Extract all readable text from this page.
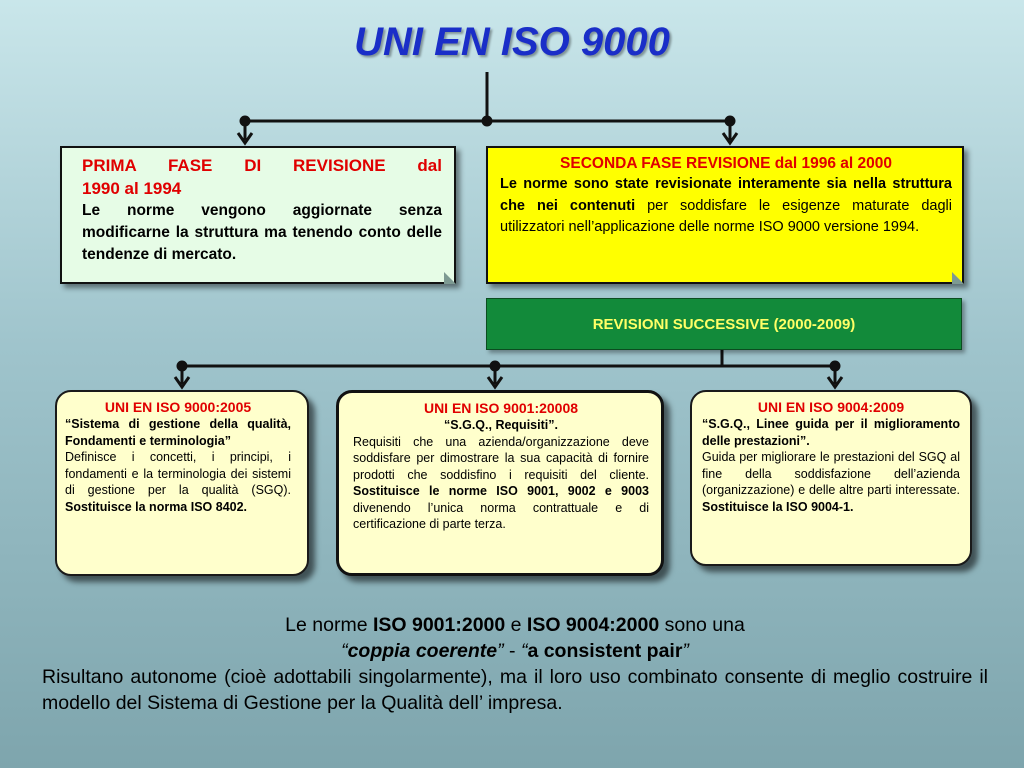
UNI EN ISO 9000
PRIMA FASE DI REVISIONE dal
1990 al 1994
Le norme vengono aggiornate senza modificarne la struttura ma tenendo conto delle tendenze di mercato.
SECONDA FASE REVISIONE dal 1996 al 2000
Le norme sono state revisionate interamente sia nella struttura che nei contenuti per soddisfare le esigenze maturate dagli utilizzatori nell’applicazione delle norme ISO 9000 versione 1994.
REVISIONI SUCCESSIVE (2000-2009)
UNI EN ISO 9000:2005
“Sistema di gestione della qualità, Fondamenti e terminologia”
Definisce i concetti, i principi, i fondamenti e la terminologia dei sistemi di gestione per la qualità (SGQ). Sostituisce la norma ISO 8402.
UNI EN ISO 9001:20008
“S.G.Q., Requisiti”.
Requisiti che una azienda/organizzazione deve soddisfare per dimostrare la sua capacità di fornire prodotti che soddisfino i requisiti del cliente. Sostituisce le norme ISO 9001, 9002 e 9003 divenendo l’unica norma contrattuale e di certificazione di parte terza.
UNI EN ISO 9004:2009
“S.G.Q., Linee guida per il miglioramento delle prestazioni”.
Guida per migliorare le prestazioni del SGQ al fine della soddisfazione dell’azienda (organizzazione) e delle altre parti interessate. Sostituisce la ISO 9004-1.
Le norme ISO 9001:2000 e ISO 9004:2000 sono una
“coppia coerente” - “a consistent pair”
Risultano autonome (cioè adottabili singolarmente), ma il loro uso combinato consente di meglio costruire il modello del Sistema di Gestione per la Qualità dell’ impresa.
